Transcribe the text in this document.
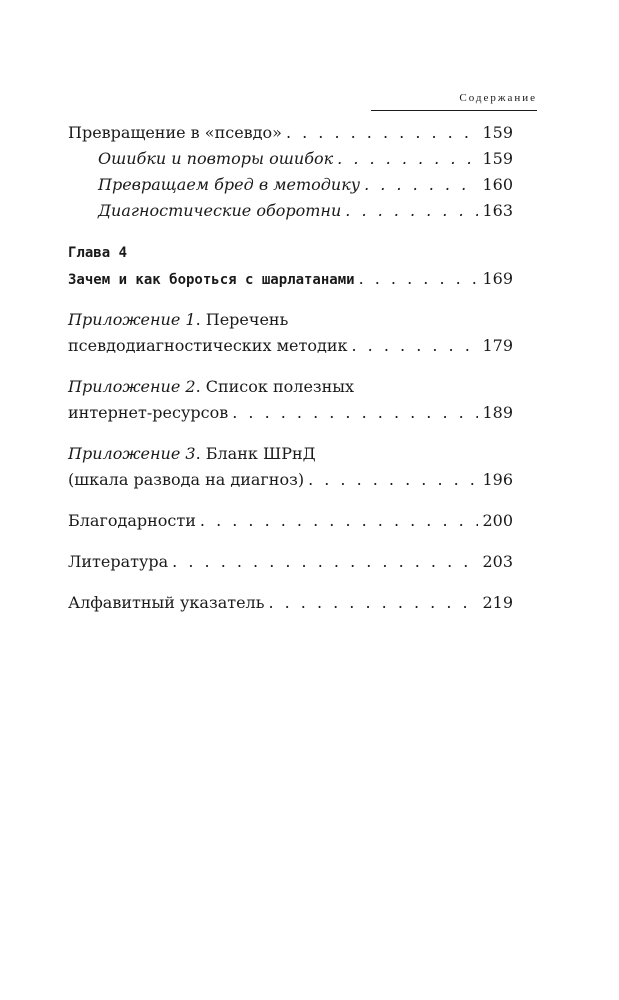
Содержание
Превращение в «псевдо» . . .	159
Ошибки и повторы ошибок . . .	159
Превращаем бред в методику . . .	160
Диагностические оборотни . . .	163
Глава 4
Зачем и как бороться с шарлатанами . . .	169
Приложение 1. Перечень
псевдодиагностических методик . . .	179
Приложение 2. Список полезных
интернет-ресурсов . . .	189
Приложение 3. Бланк ШРнД
(шкала развода на диагноз) . . .	196
Благодарности . . .	200
Литература . . .	203
Алфавитный указатель . . .	219
